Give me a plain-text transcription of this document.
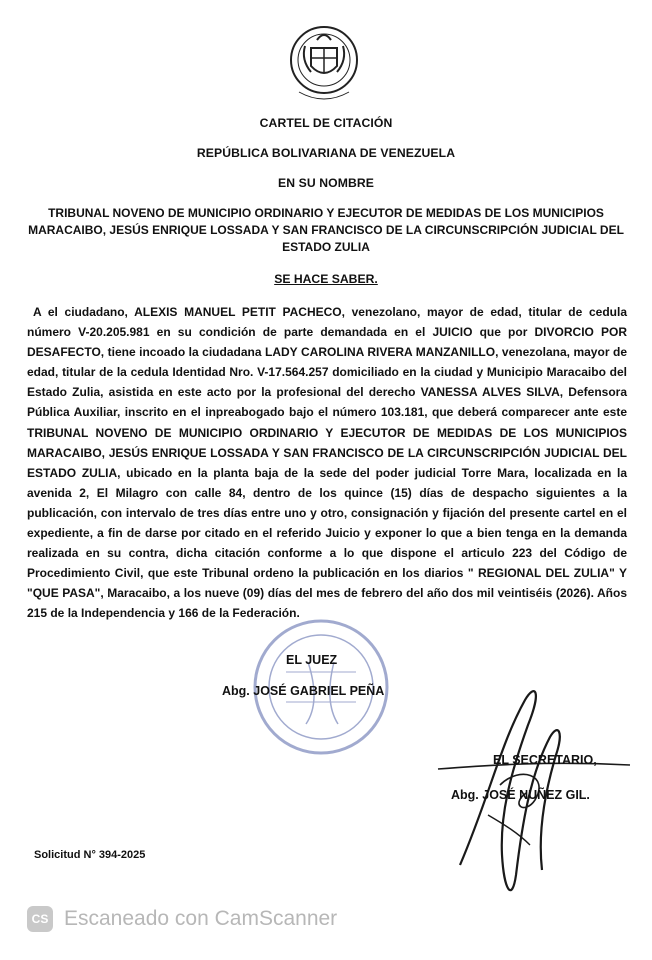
CARTEL DE CITACIÓN
REPÚBLICA BOLIVARIANA DE VENEZUELA
EN SU NOMBRE
TRIBUNAL NOVENO DE MUNICIPIO ORDINARIO Y EJECUTOR DE MEDIDAS DE LOS MUNICIPIOS MARACAIBO, JESÚS ENRIQUE LOSSADA Y SAN FRANCISCO DE LA CIRCUNSCRIPCIÓN JUDICIAL DEL ESTADO ZULIA
SE HACE SABER.
A el ciudadano, ALEXIS MANUEL PETIT PACHECO, venezolano, mayor de edad, titular de cedula número V-20.205.981 en su condición de parte demandada en el JUICIO que por DIVORCIO POR DESAFECTO, tiene incoado la ciudadana LADY CAROLINA RIVERA MANZANILLO, venezolana, mayor de edad, titular de la cedula Identidad Nro. V-17.564.257 domiciliado en la ciudad y Municipio Maracaibo del Estado Zulia, asistida en este acto por la profesional del derecho VANESSA ALVES SILVA, Defensora Pública Auxiliar, inscrito en el inpreabogado bajo el número 103.181, que deberá comparecer ante este TRIBUNAL NOVENO DE MUNICIPIO ORDINARIO Y EJECUTOR DE MEDIDAS DE LOS MUNICIPIOS MARACAIBO, JESÚS ENRIQUE LOSSADA Y SAN FRANCISCO DE LA CIRCUNSCRIPCIÓN JUDICIAL DEL ESTADO ZULIA, ubicado en la planta baja de la sede del poder judicial Torre Mara, localizada en la avenida 2, El Milagro con calle 84, dentro de los quince (15) días de despacho siguientes a la publicación, con intervalo de tres días entre uno y otro, consignación y fijación del presente cartel en el expediente, a fin de darse por citado en el referido Juicio y exponer lo que a bien tenga en la demanda realizada en su contra, dicha citación conforme a lo que dispone el articulo 223 del Código de Procedimiento Civil, que este Tribunal ordeno la publicación en los diarios " REGIONAL DEL ZULIA" Y "QUE PASA", Maracaibo, a los nueve (09) días del mes de febrero del año dos mil veintiséis (2026). Años 215 de la Independencia y 166 de la Federación.
EL JUEZ
Abg. JOSÉ GABRIEL PEÑA
EL SECRETARIO,
Abg. JOSÉ NUÑEZ GIL.
Solicitud N° 394-2025
CS Escaneado con CamScanner
